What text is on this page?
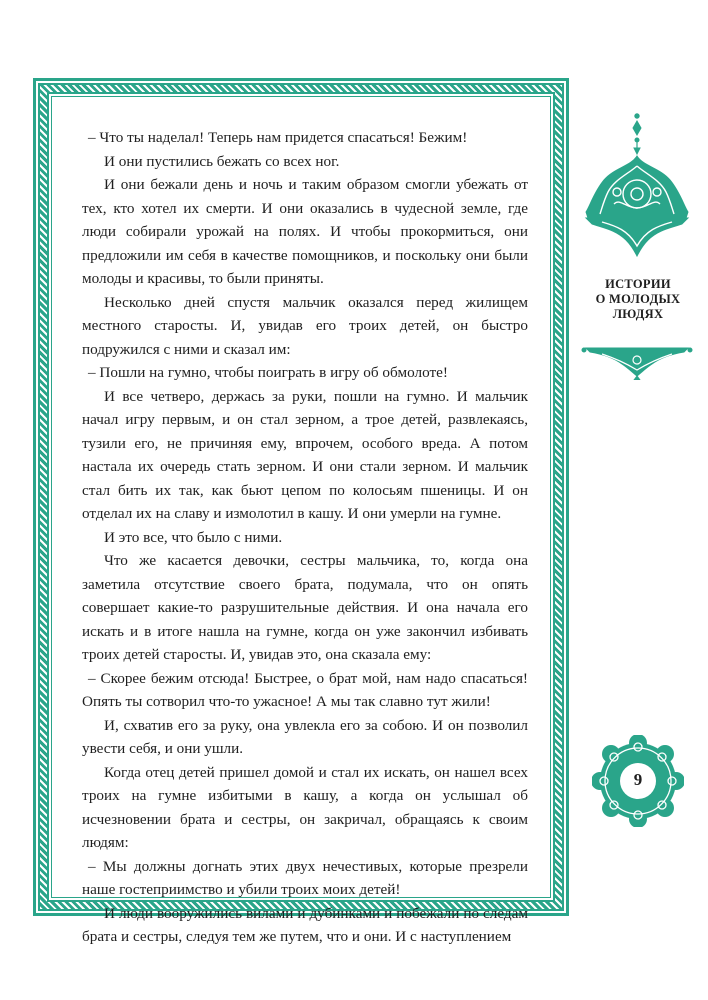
– Что ты наделал! Теперь нам придется спасаться! Бежим!

И они пустились бежать со всех ног.

И они бежали день и ночь и таким образом смогли убежать от тех, кто хотел их смерти. И они оказались в чудесной земле, где люди собирали урожай на полях. И чтобы прокормиться, они предложили им себя в качестве помощников, и поскольку они были молоды и красивы, то были приняты.

Несколько дней спустя мальчик оказался перед жилищем местного старосты. И, увидав его троих детей, он быстро подружился с ними и сказал им:

– Пошли на гумно, чтобы поиграть в игру об обмолоте!

И все четверо, держась за руки, пошли на гумно. И мальчик начал игру первым, и он стал зерном, а трое детей, развлекаясь, тузили его, не причиняя ему, впрочем, особого вреда. А потом настала их очередь стать зерном. И они стали зерном. И мальчик стал бить их так, как бьют цепом по колосьям пшеницы. И он отделал их на славу и измолотил в кашу. И они умерли на гумне.

И это все, что было с ними.

Что же касается девочки, сестры мальчика, то, когда она заметила отсутствие своего брата, подумала, что он опять совершает какие-то разрушительные действия. И она начала его искать и в итоге нашла на гумне, когда он уже закончил избивать троих детей старосты. И, увидав это, она сказала ему:

– Скорее бежим отсюда! Быстрее, о брат мой, нам надо спасаться! Опять ты сотворил что-то ужасное! А мы так славно тут жили!

И, схватив его за руку, она увлекла его за собою. И он позволил увести себя, и они ушли.

Когда отец детей пришел домой и стал их искать, он нашел всех троих на гумне избитыми в кашу, а когда он услышал об исчезновении брата и сестры, он закричал, обращаясь к своим людям:

– Мы должны догнать этих двух нечестивых, которые презрели наше гостеприимство и убили троих моих детей!

И люди вооружились вилами и дубинками и побежали по следам брата и сестры, следуя тем же путем, что и они. И с наступлением

ИСТОРИИ
О МОЛОДЫХ
ЛЮДЯХ
9
